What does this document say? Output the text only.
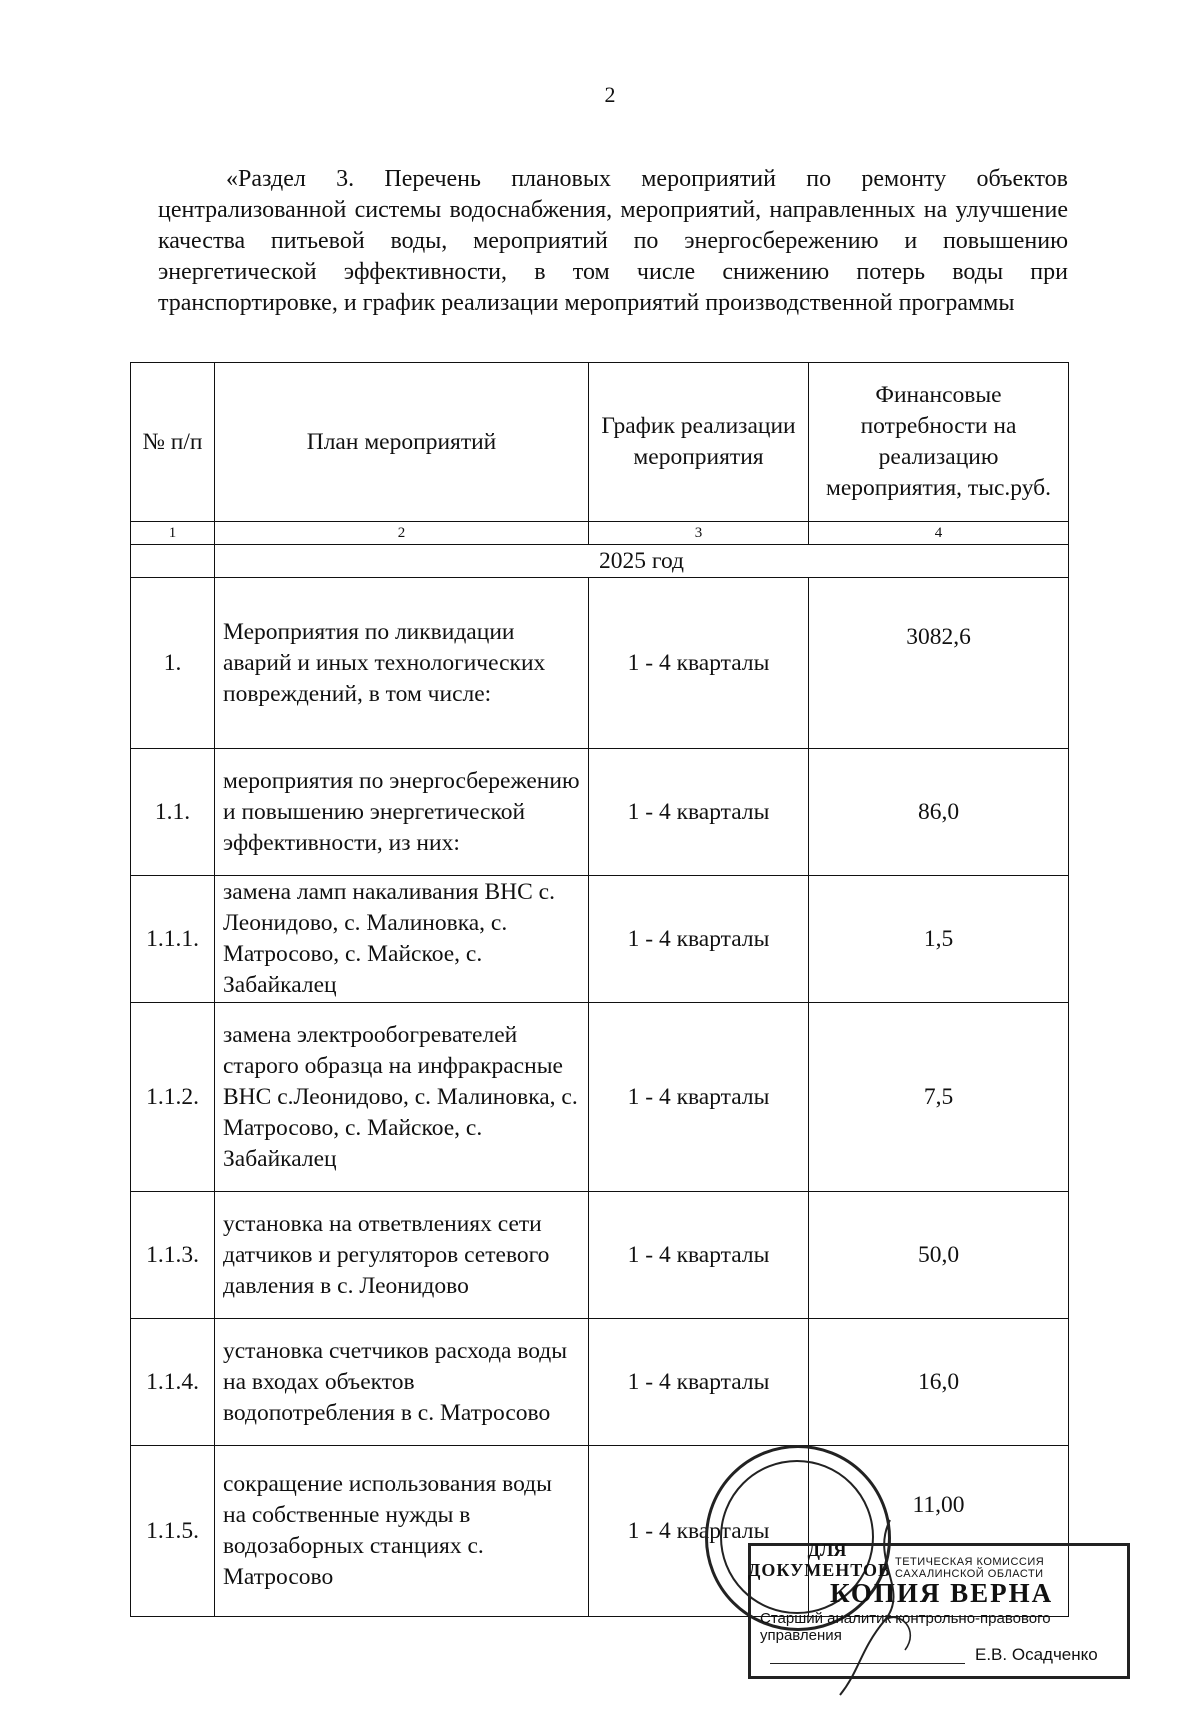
2

«Раздел 3. Перечень плановых мероприятий по ремонту объектов централизованной системы водоснабжения, мероприятий, направленных на улучшение качества питьевой воды, мероприятий по энергосбережению и повышению энергетической эффективности, в том числе снижению потерь воды при транспортировке, и график реализации мероприятий производственной программы

№ п/п	План мероприятий	График реализации мероприятия	Финансовые потребности на реализацию мероприятия, тыс.руб.
1	2	3	4
	2025 год		
1.	Мероприятия по ликвидации аварий и иных технологических повреждений, в том числе:	1 - 4 кварталы	3082,6
1.1.	мероприятия по энергосбережению и повышению энергетической эффективности, из них:	1 - 4 кварталы	86,0
1.1.1.	замена ламп накаливания ВНС с. Леонидово, с. Малиновка, с. Матросово, с. Майское, с. Забайкалец	1 - 4 кварталы	1,5
1.1.2.	замена электрообогревателей старого образца на инфракрасные ВНС с.Леонидово, с. Малиновка, с. Матросово, с. Майское, с. Забайкалец	1 - 4 кварталы	7,5
1.1.3.	установка на ответвлениях сети датчиков и регуляторов сетевого давления в с. Леонидово	1 - 4 кварталы	50,0
1.1.4.	установка счетчиков расхода воды на входах объектов водопотребления в с. Матросово	1 - 4 кварталы	16,0
1.1.5.	сокращение использования воды на собственные нужды в водозаборных станциях с. Матросово	1 - 4 кварталы	11,00
ТЕТИЧЕСКАЯ КОМИССИЯ САХАЛИНСКОЙ ОБЛАСТИ
ДЛЯ
ДОКУМЕНТОВ
КОПИЯ ВЕРНА
Старший аналитик контрольно-правового управления
Е.В. Осадченко
